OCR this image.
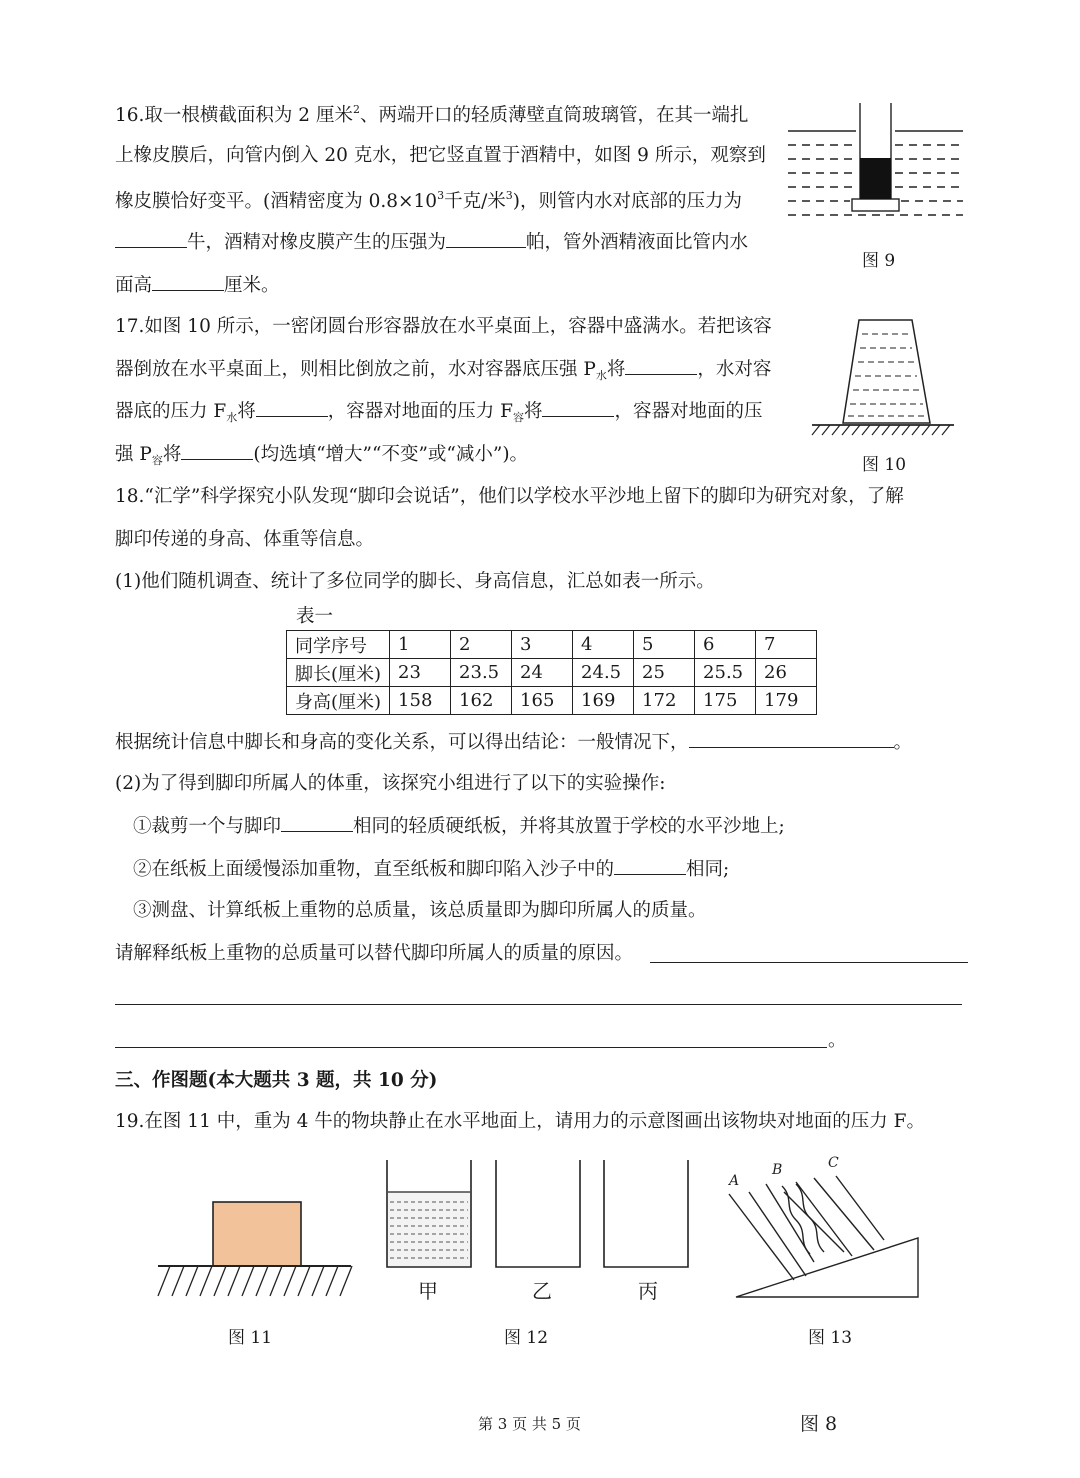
16.取一根横截面积为 2 厘米$^2$、两端开口的轻质薄壁直筒玻璃管，在其一端扎
上橡皮膜后，向管内倒入 20 克水，把它竖直置于酒精中，如图 9 所示，观察到
橡皮膜恰好变平。(酒精密度为 $0.8\times 10^3$千克/米$^3$)，则管内水对底部的压力为
牛，酒精对橡皮膜产生的压强为	帕，管外酒精液面比管内水
面高	厘米。
图 9
17.如图 10 所示，一密闭圆台形容器放在水平桌面上，容器中盛满水。若把该容
器倒放在水平桌面上，则相比倒放之前，水对容器底压强 $P_水$将	，水对容
器底的压力 $F_水$将	，容器对地面的压力 $F_容$将	，容器对地面的压
强 $P_容$将	(均选填“增大”“不变”或“减小”)。	图 10
18.“汇学”科学探究小队发现“脚印会说话”，他们以学校水平沙地上留下的脚印为研究对象，了解
脚印传递的身高、体重等信息。
(1)他们随机调查、统计了多位同学的脚长、身高信息，汇总如表一所示。
表一
同学序号	1	2	3	4	5	6	7
脚长(厘米)	23	23.5	24	24.5	25	25.5	26
身高(厘米)	158	162	165	169	172	175	179
根据统计信息中脚长和身高的变化关系，可以得出结论：一般情况下，	。
(2)为了得到脚印所属人的体重，该探究小组进行了以下的实验操作:
①裁剪一个与脚印	相同的轻质硬纸板，并将其放置于学校的水平沙地上;
②在纸板上面缓慢添加重物，直至纸板和脚印陷入沙子中的	相同;
③测盘、计算纸板上重物的总质量，该总质量即为脚印所属人的质量。
请解释纸板上重物的总质量可以替代脚印所属人的质量的原因。
。
三、作图题(本大题共 3 题，共 10 分)
19.在图 11 中，重为 4 牛的物块静止在水平地面上，请用力的示意图画出该物块对地面的压力 F。
图 11
甲	乙	丙
图 12
A
B	C
图 13
第 3 页 共 5 页	图 8
